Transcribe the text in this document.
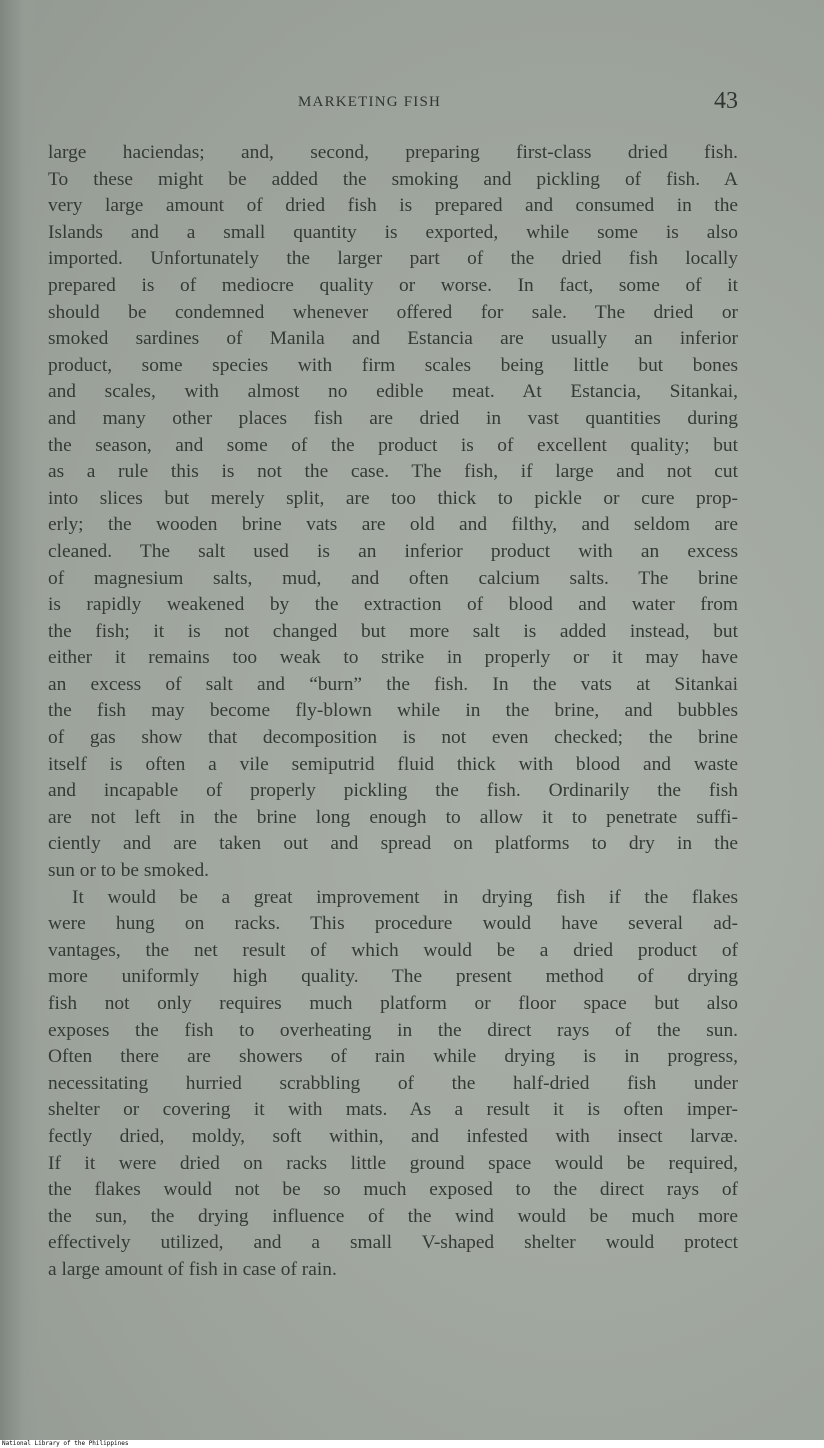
MARKETING FISH	43
large haciendas; and, second, preparing first-class dried fish.
To these might be added the smoking and pickling of fish. A
very large amount of dried fish is prepared and consumed in the
Islands and a small quantity is exported, while some is also
imported. Unfortunately the larger part of the dried fish locally
prepared is of mediocre quality or worse. In fact, some of it
should be condemned whenever offered for sale. The dried or
smoked sardines of Manila and Estancia are usually an inferior
product, some species with firm scales being little but bones
and scales, with almost no edible meat. At Estancia, Sitankai,
and many other places fish are dried in vast quantities during
the season, and some of the product is of excellent quality; but
as a rule this is not the case. The fish, if large and not cut
into slices but merely split, are too thick to pickle or cure prop-
erly; the wooden brine vats are old and filthy, and seldom are
cleaned. The salt used is an inferior product with an excess
of magnesium salts, mud, and often calcium salts. The brine
is rapidly weakened by the extraction of blood and water from
the fish; it is not changed but more salt is added instead, but
either it remains too weak to strike in properly or it may have
an excess of salt and “burn” the fish. In the vats at Sitankai
the fish may become fly-blown while in the brine, and bubbles
of gas show that decomposition is not even checked; the brine
itself is often a vile semiputrid fluid thick with blood and waste
and incapable of properly pickling the fish. Ordinarily the fish
are not left in the brine long enough to allow it to penetrate suffi-
ciently and are taken out and spread on platforms to dry in the
sun or to be smoked.
It would be a great improvement in drying fish if the flakes
were hung on racks. This procedure would have several ad-
vantages, the net result of which would be a dried product of
more uniformly high quality. The present method of drying
fish not only requires much platform or floor space but also
exposes the fish to overheating in the direct rays of the sun.
Often there are showers of rain while drying is in progress,
necessitating hurried scrabbling of the half-dried fish under
shelter or covering it with mats. As a result it is often imper-
fectly dried, moldy, soft within, and infested with insect larvæ.
If it were dried on racks little ground space would be required,
the flakes would not be so much exposed to the direct rays of
the sun, the drying influence of the wind would be much more
effectively utilized, and a small V-shaped shelter would protect
a large amount of fish in case of rain.
National Library of the Philippines
